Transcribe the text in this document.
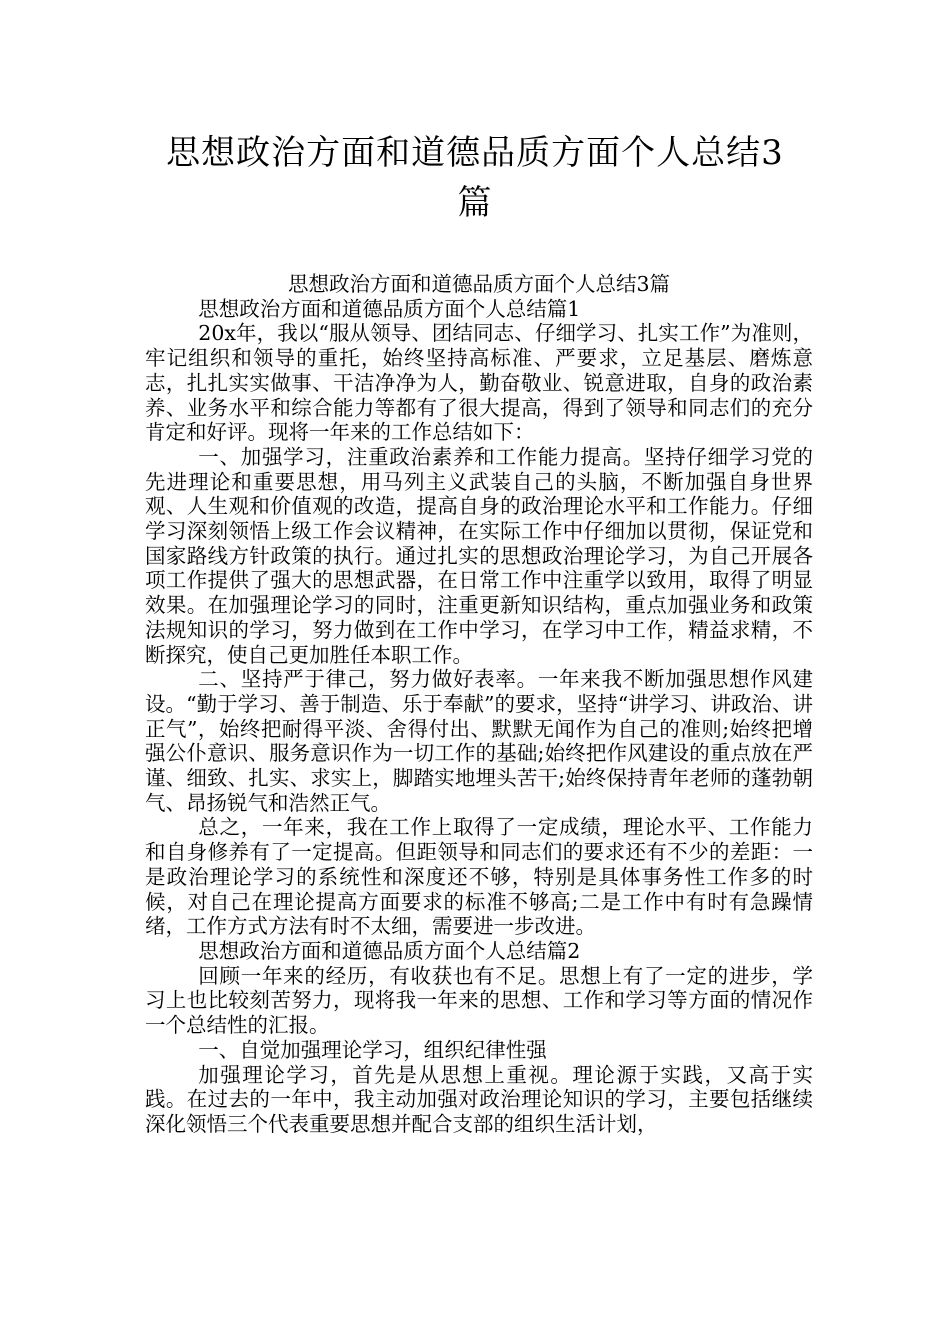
思想政治方面和道德品质方面个人总结3篇

思想政治方面和道德品质方面个人总结3篇

思想政治方面和道德品质方面个人总结篇1

20x年，我以“服从领导、团结同志、仔细学习、扎实工作”为准则，牢记组织和领导的重托，始终坚持高标准、严要求，立足基层、磨炼意志，扎扎实实做事、干洁净净为人，勤奋敬业、锐意进取，自身的政治素养、业务水平和综合能力等都有了很大提高，得到了领导和同志们的充分肯定和好评。现将一年来的工作总结如下：

一、加强学习，注重政治素养和工作能力提高。坚持仔细学习党的先进理论和重要思想，用马列主义武装自己的头脑，不断加强自身世界观、人生观和价值观的改造，提高自身的政治理论水平和工作能力。仔细学习深刻领悟上级工作会议精神，在实际工作中仔细加以贯彻，保证党和国家路线方针政策的执行。通过扎实的思想政治理论学习，为自己开展各项工作提供了强大的思想武器，在日常工作中注重学以致用，取得了明显效果。在加强理论学习的同时，注重更新知识结构，重点加强业务和政策法规知识的学习，努力做到在工作中学习，在学习中工作，精益求精，不断探究，使自己更加胜任本职工作。

二、坚持严于律己，努力做好表率。一年来我不断加强思想作风建设。“勤于学习、善于制造、乐于奉献”的要求，坚持“讲学习、讲政治、讲正气”，始终把耐得平淡、舍得付出、默默无闻作为自己的准则;始终把增强公仆意识、服务意识作为一切工作的基础;始终把作风建设的重点放在严谨、细致、扎实、求实上，脚踏实地埋头苦干;始终保持青年老师的蓬勃朝气、昂扬锐气和浩然正气。

总之，一年来，我在工作上取得了一定成绩，理论水平、工作能力和自身修养有了一定提高。但距领导和同志们的要求还有不少的差距：一是政治理论学习的系统性和深度还不够，特别是具体事务性工作多的时候，对自己在理论提高方面要求的标准不够高;二是工作中有时有急躁情绪，工作方式方法有时不太细，需要进一步改进。

思想政治方面和道德品质方面个人总结篇2

回顾一年来的经历，有收获也有不足。思想上有了一定的进步，学习上也比较刻苦努力，现将我一年来的思想、工作和学习等方面的情况作一个总结性的汇报。

一、自觉加强理论学习，组织纪律性强

加强理论学习，首先是从思想上重视。理论源于实践，又高于实践。在过去的一年中，我主动加强对政治理论知识的学习，主要包括继续深化领悟三个代表重要思想并配合支部的组织生活计划，
